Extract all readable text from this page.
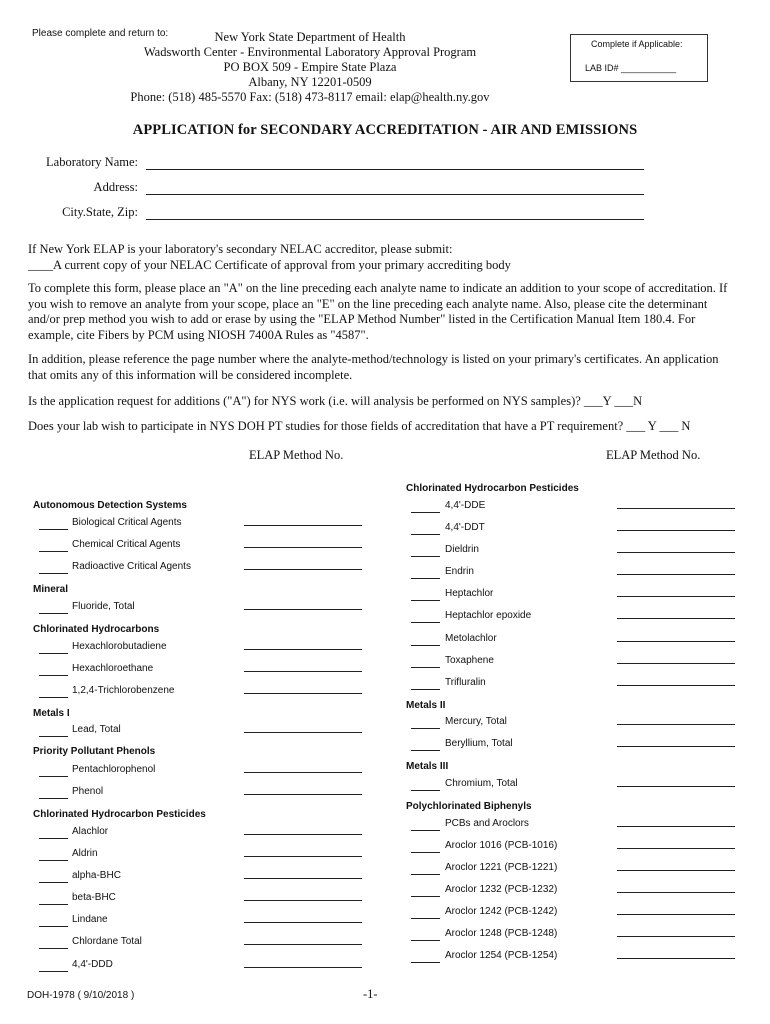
Please complete and return to:	New York State Department of Health
Wadsworth Center - Environmental Laboratory Approval Program
PO BOX 509 - Empire State Plaza
Albany, NY 12201-0509
Phone: (518) 485-5570 Fax: (518) 473-8117 email: elap@health.ny.gov
Complete if Applicable:
LAB ID# ___________
APPLICATION for SECONDARY ACCREDITATION - AIR AND EMISSIONS
Laboratory Name:
Address:
City.State, Zip:
If New York ELAP is your laboratory's secondary NELAC accreditor, please submit:
____A current copy of your NELAC Certificate of approval from your primary accrediting body
To complete this form, please place an "A" on the line preceding each analyte name to indicate an addition to your scope of accreditation. If you wish to remove an analyte from your scope, place an "E" on the line preceding each analyte name. Also, please cite the determinant and/or prep method you wish to add or erase by using the "ELAP Method Number" listed in the Certification Manual Item 180.4. For example, cite Fibers by PCM using NIOSH 7400A Rules as "4587".
In addition, please reference the page number where the analyte-method/technology is listed on your primary's certificates. An application that omits any of this information will be considered incomplete.
Is the application request for additions ("A") for NYS work (i.e. will analysis be performed on NYS samples)? ___Y ___N
Does your lab wish to participate in NYS DOH PT studies for those fields of accreditation that have a PT requirement? ___ Y ___ N
ELAP Method No.	ELAP Method No.
Autonomous Detection Systems
Biological Critical Agents
Chemical Critical Agents
Radioactive Critical Agents
Mineral
Fluoride, Total
Chlorinated Hydrocarbons
Hexachlorobutadiene
Hexachloroethane
1,2,4-Trichlorobenzene
Metals I
Lead, Total
Priority Pollutant Phenols
Pentachlorophenol
Phenol
Chlorinated Hydrocarbon Pesticides
Alachlor
Aldrin
alpha-BHC
beta-BHC
Lindane
Chlordane Total
4,4'-DDD
Chlorinated Hydrocarbon Pesticides
4,4'-DDE
4,4'-DDT
Dieldrin
Endrin
Heptachlor
Heptachlor epoxide
Metolachlor
Toxaphene
Trifluralin
Metals II
Mercury, Total
Beryllium, Total
Metals III
Chromium, Total
Polychlorinated Biphenyls
PCBs and Aroclors
Aroclor 1016 (PCB-1016)
Aroclor 1221 (PCB-1221)
Aroclor 1232 (PCB-1232)
Aroclor 1242 (PCB-1242)
Aroclor 1248 (PCB-1248)
Aroclor 1254 (PCB-1254)
DOH-1978 ( 9/10/2018 )	-1-
